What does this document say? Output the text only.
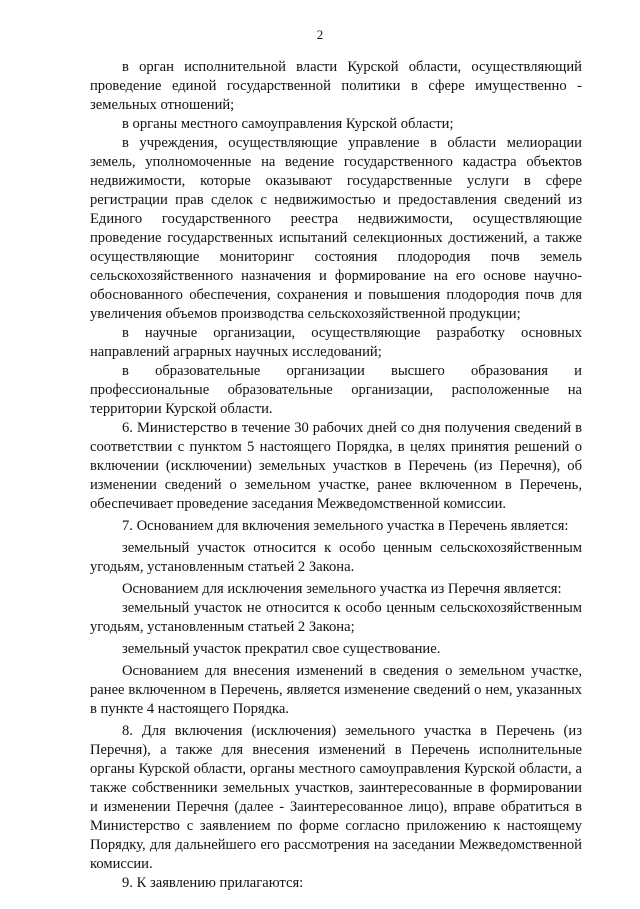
2

в орган исполнительной власти Курской области, осуществляющий проведение единой государственной политики в сфере имущественно - земельных отношений;

в органы местного самоуправления Курской области;

в учреждения, осуществляющие управление в области мелиорации земель, уполномоченные на ведение государственного кадастра объектов недвижимости, которые оказывают государственные услуги в сфере регистрации прав сделок с недвижимостью и предоставления сведений из Единого государственного реестра недвижимости, осуществляющие проведение государственных испытаний селекционных достижений, а также осуществляющие мониторинг состояния плодородия почв земель сельскохозяйственного назначения и формирование на его основе научно-обоснованного обеспечения, сохранения и повышения плодородия почв для увеличения объемов производства сельскохозяйственной продукции;

в научные организации, осуществляющие разработку основных направлений аграрных научных исследований;

в образовательные организации высшего образования и профессиональные образовательные организации, расположенные на территории Курской области.

6. Министерство в течение 30 рабочих дней со дня получения сведений в соответствии с пунктом 5 настоящего Порядка, в целях принятия решений о включении (исключении) земельных участков в Перечень (из Перечня), об изменении сведений о земельном участке, ранее включенном в Перечень, обеспечивает проведение заседания Межведомственной комиссии.

7. Основанием для включения земельного участка в Перечень является:

земельный участок относится к особо ценным сельскохозяйственным угодьям, установленным статьей 2 Закона.

Основанием для исключения земельного участка из Перечня является:

земельный участок не относится к особо ценным сельскохозяйственным угодьям, установленным статьей 2 Закона;

земельный участок прекратил свое существование.

Основанием для внесения изменений в сведения о земельном участке, ранее включенном в Перечень, является изменение сведений о нем, указанных в пункте 4 настоящего Порядка.

8. Для включения (исключения) земельного участка в Перечень (из Перечня), а также для внесения изменений в Перечень исполнительные органы Курской области, органы местного самоуправления Курской области, а также собственники земельных участков, заинтересованные в формировании и изменении Перечня (далее - Заинтересованное лицо), вправе обратиться в Министерство с заявлением по форме согласно приложению к настоящему Порядку, для дальнейшего его рассмотрения на заседании Межведомственной комиссии.

9. К заявлению прилагаются:
